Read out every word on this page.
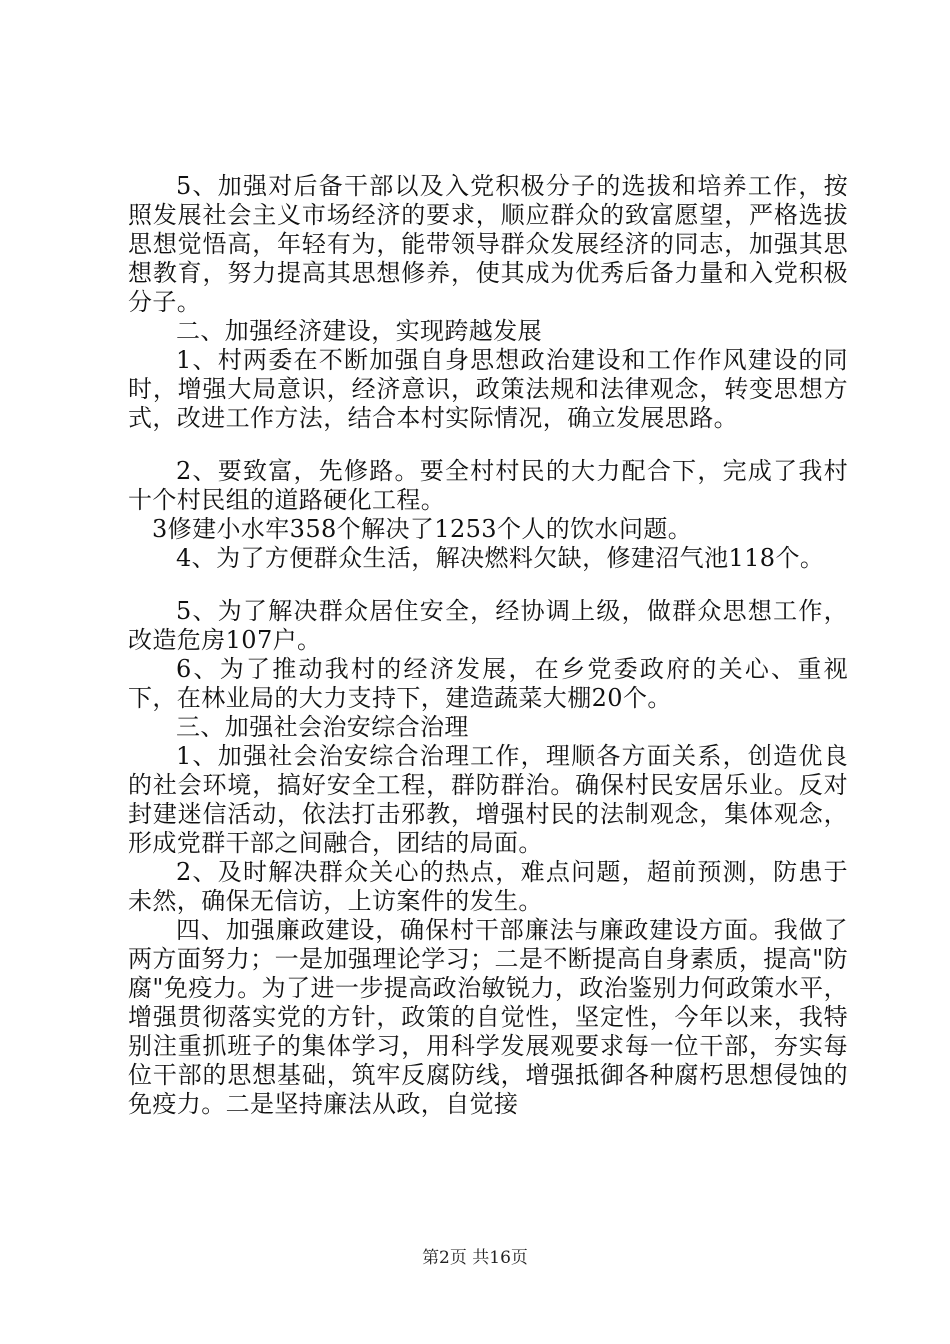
5、加强对后备干部以及入党积极分子的选拔和培养工作，按照发展社会主义市场经济的要求，顺应群众的致富愿望，严格选拔思想觉悟高，年轻有为，能带领导群众发展经济的同志，加强其思想教育，努力提高其思想修养，使其成为优秀后备力量和入党积极分子。

二、加强经济建设，实现跨越发展

1、村两委在不断加强自身思想政治建设和工作作风建设的同时，增强大局意识，经济意识，政策法规和法律观念，转变思想方式，改进工作方法，结合本村实际情况，确立发展思路。

2、要致富，先修路。要全村村民的大力配合下，完成了我村十个村民组的道路硬化工程。

3修建小水牢358个解决了1253个人的饮水问题。

4、为了方便群众生活，解决燃料欠缺，修建沼气池118个。

5、为了解决群众居住安全，经协调上级，做群众思想工作，改造危房107户。

6、为了推动我村的经济发展，在乡党委政府的关心、重视下，在林业局的大力支持下，建造蔬菜大棚20个。

三、加强社会治安综合治理

1、加强社会治安综合治理工作，理顺各方面关系，创造优良的社会环境，搞好安全工程，群防群治。确保村民安居乐业。反对封建迷信活动，依法打击邪教，增强村民的法制观念，集体观念，形成党群干部之间融合，团结的局面。

2、及时解决群众关心的热点，难点问题，超前预测，防患于未然，确保无信访，上访案件的发生。

四、加强廉政建设，确保村干部廉法与廉政建设方面。我做了两方面努力；一是加强理论学习；二是不断提高自身素质，提高"防腐"免疫力。为了进一步提高政治敏锐力，政治鉴别力何政策水平，增强贯彻落实党的方针，政策的自觉性，坚定性，今年以来，我特别注重抓班子的集体学习，用科学发展观要求每一位干部，夯实每位干部的思想基础，筑牢反腐防线，增强抵御各种腐朽思想侵蚀的免疫力。二是坚持廉法从政，自觉接

第2页 共16页
